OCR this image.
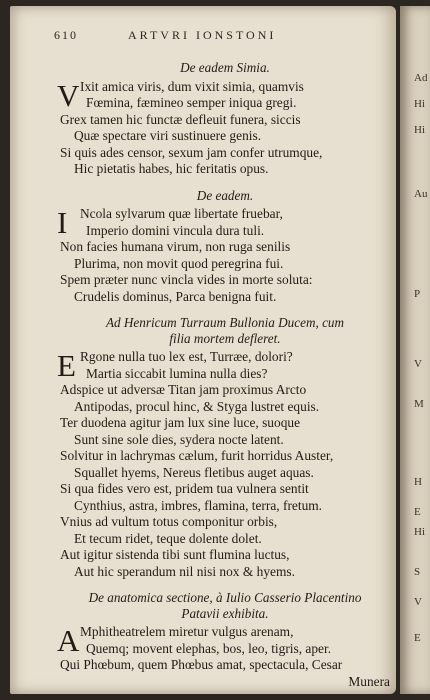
Ad
Hi
Hi
Au
P
V
M
H
E
Hi
S
V
E
610	ARTVRI IONSTONI
De eadem Simia.
V Ixit amica viris, dum vixit simia, quamvis
Fœmina, fæmineo semper iniqua gregi.
Grex tamen hic functæ defleuit funera, siccis
Quæ spectare viri sustinuere genis.
Si quis ades censor, sexum jam confer utrumque,
Hic pietatis habes, hic feritatis opus.
De eadem.
I Ncola sylvarum quæ libertate fruebar,
Imperio domini vincula dura tuli.
Non facies humana virum, non ruga senilis
Plurima, non movit quod peregrina fui.
Spem præter nunc vincla vides in morte soluta:
Crudelis dominus, Parca benigna fuit.
Ad Henricum Turraum Bullonia Ducem, cum
filia mortem defleret.
E Rgone nulla tuo lex est, Turræe, dolori?
Martia siccabit lumina nulla dies?
Adspice ut adversæ Titan jam proximus Arcto
Antipodas, procul hinc, & Styga lustret equis.
Ter duodena agitur jam lux sine luce, suoque
Sunt sine sole dies, sydera nocte latent.
Solvitur in lachrymas cælum, furit horridus Auster,
Squallet hyems, Nereus fletibus auget aquas.
Si qua fides vero est, pridem tua vulnera sentit
Cynthius, astra, imbres, flamina, terra, fretum.
Vnius ad vultum totus componitur orbis,
Et tecum ridet, teque dolente dolet.
Aut igitur sistenda tibi sunt flumina luctus,
Aut hic sperandum nil nisi nox & hyems.
De anatomica sectione, à Iulio Casserio Placentino
Patavii exhibita.
A Mphitheatrelem miretur vulgus arenam,
Quemq; movent elephas, bos, leo, tigris, aper.
Qui Phœbum, quem Phœbus amat, spectacula, Cesar
Munera
